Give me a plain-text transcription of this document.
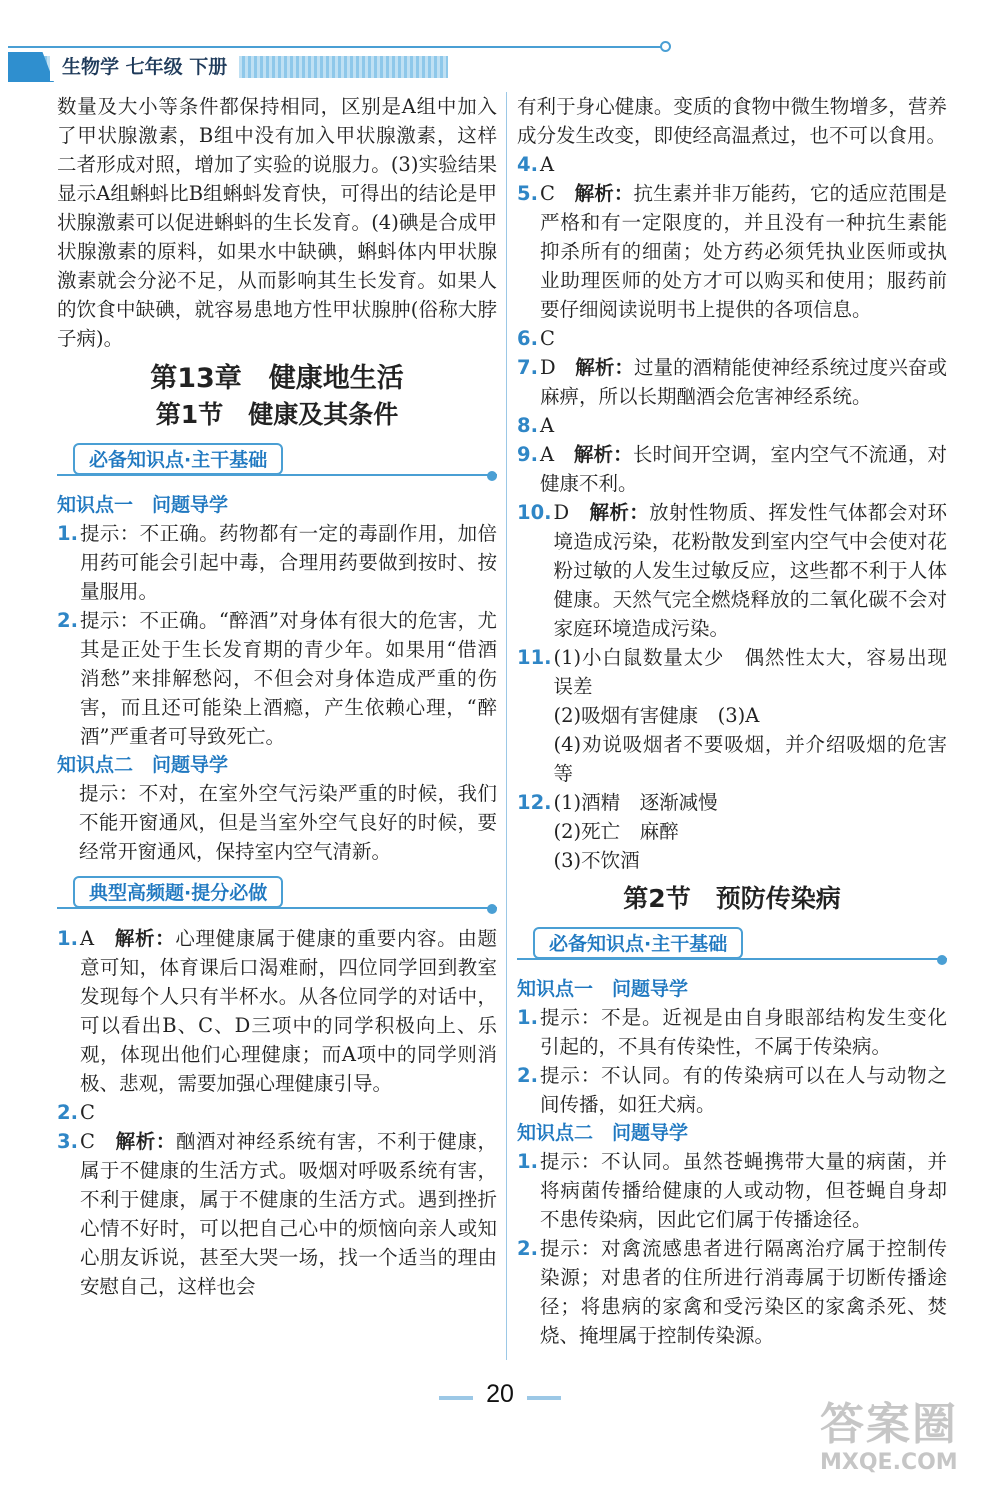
生物学 七年级 下册
数量及大小等条件都保持相同，区别是A组中加入了甲状腺激素，B组中没有加入甲状腺激素，这样二者形成对照，增加了实验的说服力。(3)实验结果显示A组蝌蚪比B组蝌蚪发育快，可得出的结论是甲状腺激素可以促进蝌蚪的生长发育。(4)碘是合成甲状腺激素的原料，如果水中缺碘，蝌蚪体内甲状腺激素就会分泌不足，从而影响其生长发育。如果人的饮食中缺碘，就容易患地方性甲状腺肿(俗称大脖子病)。
第13章　健康地生活
第1节　健康及其条件
必备知识点·主干基础
知识点一　问题导学
1. 提示：不正确。药物都有一定的毒副作用，加倍用药可能会引起中毒，合理用药要做到按时、按量服用。
2. 提示：不正确。“醉酒”对身体有很大的危害，尤其是正处于生长发育期的青少年。如果用“借酒消愁”来排解愁闷，不但会对身体造成严重的伤害，而且还可能染上酒瘾，产生依赖心理，“醉酒”严重者可导致死亡。
知识点二　问题导学
提示：不对，在室外空气污染严重的时候，我们不能开窗通风，但是当室外空气良好的时候，要经常开窗通风，保持室内空气清新。
典型高频题·提分必做
1. A　 解析：心理健康属于健康的重要内容。由题意可知，体育课后口渴难耐，四位同学回到教室发现每个人只有半杯水。从各位同学的对话中，可以看出B、C、D三项中的同学积极向上、乐观，体现出他们心理健康；而A项中的同学则消极、悲观，需要加强心理健康引导。
2. C
3. C　 解析：酗酒对神经系统有害，不利于健康，属于不健康的生活方式。吸烟对呼吸系统有害，不利于健康，属于不健康的生活方式。遇到挫折心情不好时，可以把自己心中的烦恼向亲人或知心朋友诉说，甚至大哭一场，找一个适当的理由安慰自己，这样也会
有利于身心健康。变质的食物中微生物增多，营养成分发生改变，即使经高温煮过，也不可以食用。
4. A
5. C　 解析：抗生素并非万能药，它的适应范围是严格和有一定限度的，并且没有一种抗生素能抑杀所有的细菌；处方药必须凭执业医师或执业助理医师的处方才可以购买和使用；服药前要仔细阅读说明书上提供的各项信息。
6. C
7. D　 解析：过量的酒精能使神经系统过度兴奋或麻痹，所以长期酗酒会危害神经系统。
8. A
9. A　 解析：长时间开空调，室内空气不流通，对健康不利。
10. D　 解析：放射性物质、挥发性气体都会对环境造成污染，花粉散发到室内空气中会使对花粉过敏的人发生过敏反应，这些都不利于人体健康。天然气完全燃烧释放的二氧化碳不会对家庭环境造成污染。
11. (1)小白鼠数量太少　偶然性太大，容易出现误差
(2)吸烟有害健康　(3)A
(4)劝说吸烟者不要吸烟，并介绍吸烟的危害等
12. (1)酒精　逐渐减慢
(2)死亡　麻醉
(3)不饮酒
第2节　预防传染病
必备知识点·主干基础
知识点一　问题导学
1. 提示：不是。近视是由自身眼部结构发生变化引起的，不具有传染性，不属于传染病。
2. 提示：不认同。有的传染病可以在人与动物之间传播，如狂犬病。
知识点二　问题导学
1. 提示：不认同。虽然苍蝇携带大量的病菌，并将病菌传播给健康的人或动物，但苍蝇自身却不患传染病，因此它们属于传播途径。
2. 提示：对禽流感患者进行隔离治疗属于控制传染源；对患者的住所进行消毒属于切断传播途径；将患病的家禽和受污染区的家禽杀死、焚烧、掩埋属于控制传染源。
20
答案圈
MXQE.COM
